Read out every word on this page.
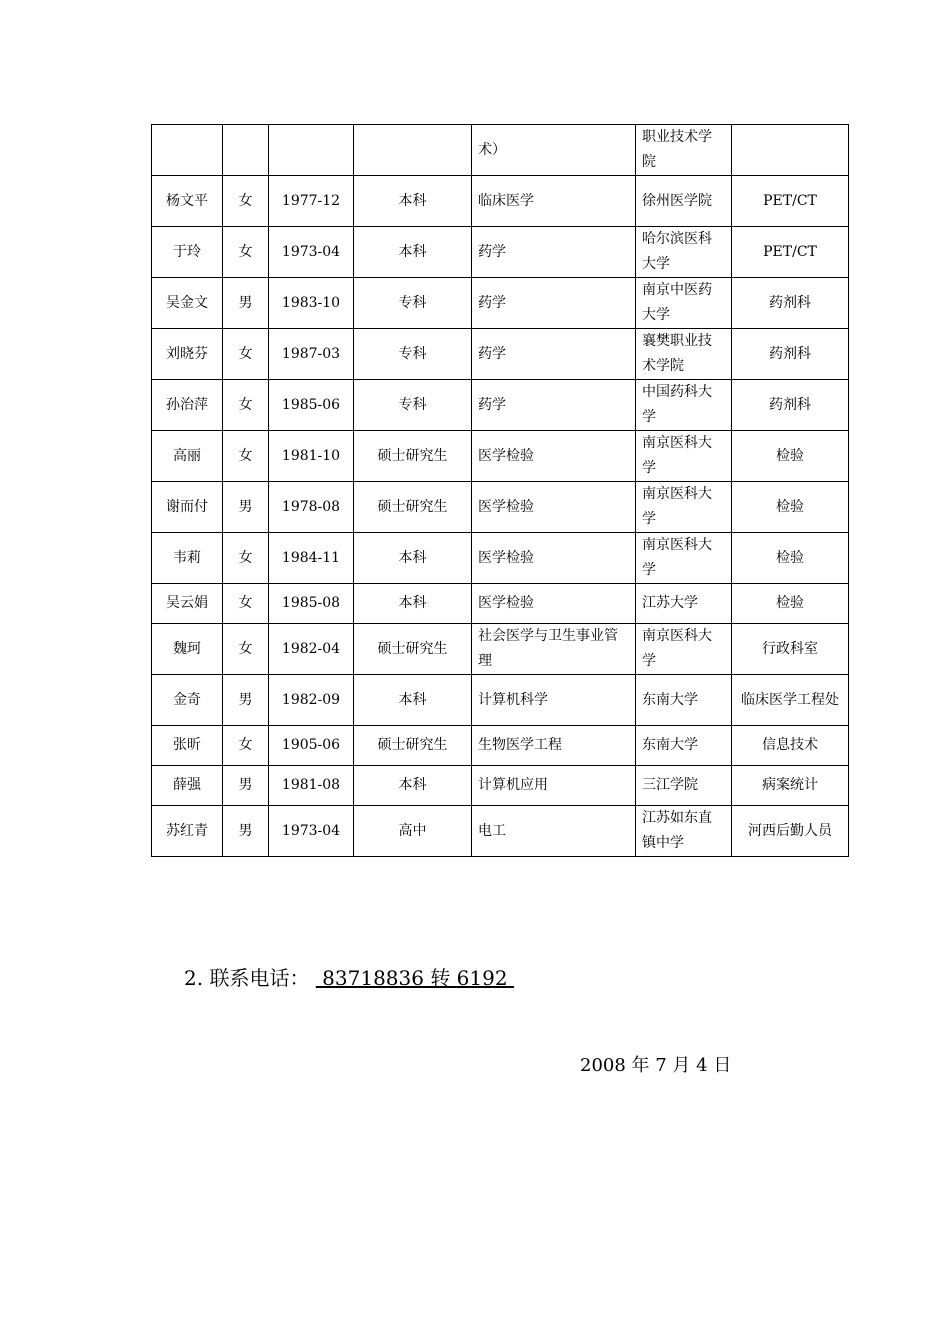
				术）	职业技术学院	
杨文平	女	1977-12	本科	临床医学	徐州医学院	PET/CT
于玲	女	1973-04	本科	药学	哈尔滨医科大学	PET/CT
吴金文	男	1983-10	专科	药学	南京中医药大学	药剂科
刘晓芬	女	1987-03	专科	药学	襄樊职业技术学院	药剂科
孙治萍	女	1985-06	专科	药学	中国药科大学	药剂科
高丽	女	1981-10	硕士研究生	医学检验	南京医科大学	检验
谢而付	男	1978-08	硕士研究生	医学检验	南京医科大学	检验
韦莉	女	1984-11	本科	医学检验	南京医科大学	检验
吴云娟	女	1985-08	本科	医学检验	江苏大学	检验
魏珂	女	1982-04	硕士研究生	社会医学与卫生事业管理	南京医科大学	行政科室
金奇	男	1982-09	本科	计算机科学	东南大学	临床医学工程处
张昕	女	1905-06	硕士研究生	生物医学工程	东南大学	信息技术
薛强	男	1981-08	本科	计算机应用	三江学院	病案统计
苏红青	男	1973-04	高中	电工	江苏如东直镇中学	河西后勤人员
2. 联系电话： 83718836 转 6192
2008 年 7 月 4 日
